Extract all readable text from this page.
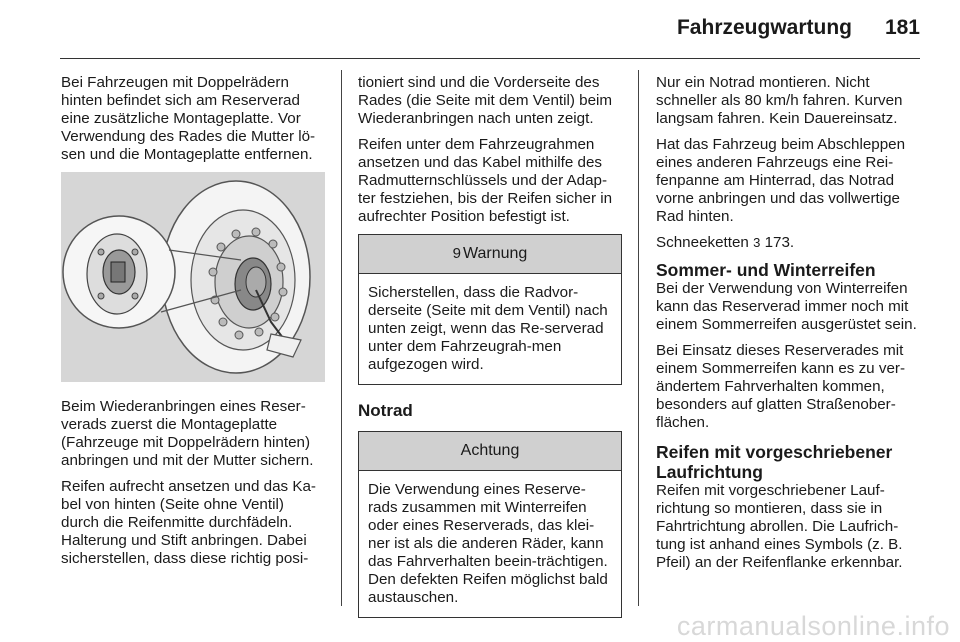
Fahrzeugwartung 181

Bei Fahrzeugen mit Doppelrädern hinten befindet sich am Reserverad eine zusätzliche Montageplatte. Vor Verwendung des Rades die Mutter lö-sen und die Montageplatte entfernen.

Beim Wiederanbringen eines Reser-verads zuerst die Montageplatte (Fahrzeuge mit Doppelrädern hinten) anbringen und mit der Mutter sichern.

Reifen aufrecht ansetzen und das Ka-bel von hinten (Seite ohne Ventil) durch die Reifenmitte durchfädeln. Halterung und Stift anbringen. Dabei sicherstellen, dass diese richtig posi-

tioniert sind und die Vorderseite des Rades (die Seite mit dem Ventil) beim Wiederanbringen nach unten zeigt.

Reifen unter dem Fahrzeugrahmen ansetzen und das Kabel mithilfe des Radmutternschlüssels und der Adap-ter festziehen, bis der Reifen sicher in aufrechter Position befestigt ist.

9 Warnung
Sicherstellen, dass die Radvor-derseite (Seite mit dem Ventil) nach unten zeigt, wenn das Re-serverad unter dem Fahrzeugrah-men aufgezogen wird.
Notrad
Achtung
Die Verwendung eines Reserve-rads zusammen mit Winterreifen oder eines Reserverads, das klei-ner ist als die anderen Räder, kann das Fahrverhalten beein-trächtigen. Den defekten Reifen möglichst bald austauschen.

Nur ein Notrad montieren. Nicht schneller als 80 km/h fahren. Kurven langsam fahren. Kein Dauereinsatz.

Hat das Fahrzeug beim Abschleppen eines anderen Fahrzeugs eine Rei-fenpanne am Hinterrad, das Notrad vorne anbringen und das vollwertige Rad hinten.

Schneeketten 3 173.

Sommer- und Winterreifen

Bei der Verwendung von Winterreifen kann das Reserverad immer noch mit einem Sommerreifen ausgerüstet sein.

Bei Einsatz dieses Reserverades mit einem Sommerreifen kann es zu ver-ändertem Fahrverhalten kommen, besonders auf glatten Straßenober-flächen.

Reifen mit vorgeschriebener Laufrichtung

Reifen mit vorgeschriebener Lauf-richtung so montieren, dass sie in Fahrtrichtung abrollen. Die Laufrich-tung ist anhand eines Symbols (z. B. Pfeil) an der Reifenflanke erkennbar.

carmanualsonline.info
